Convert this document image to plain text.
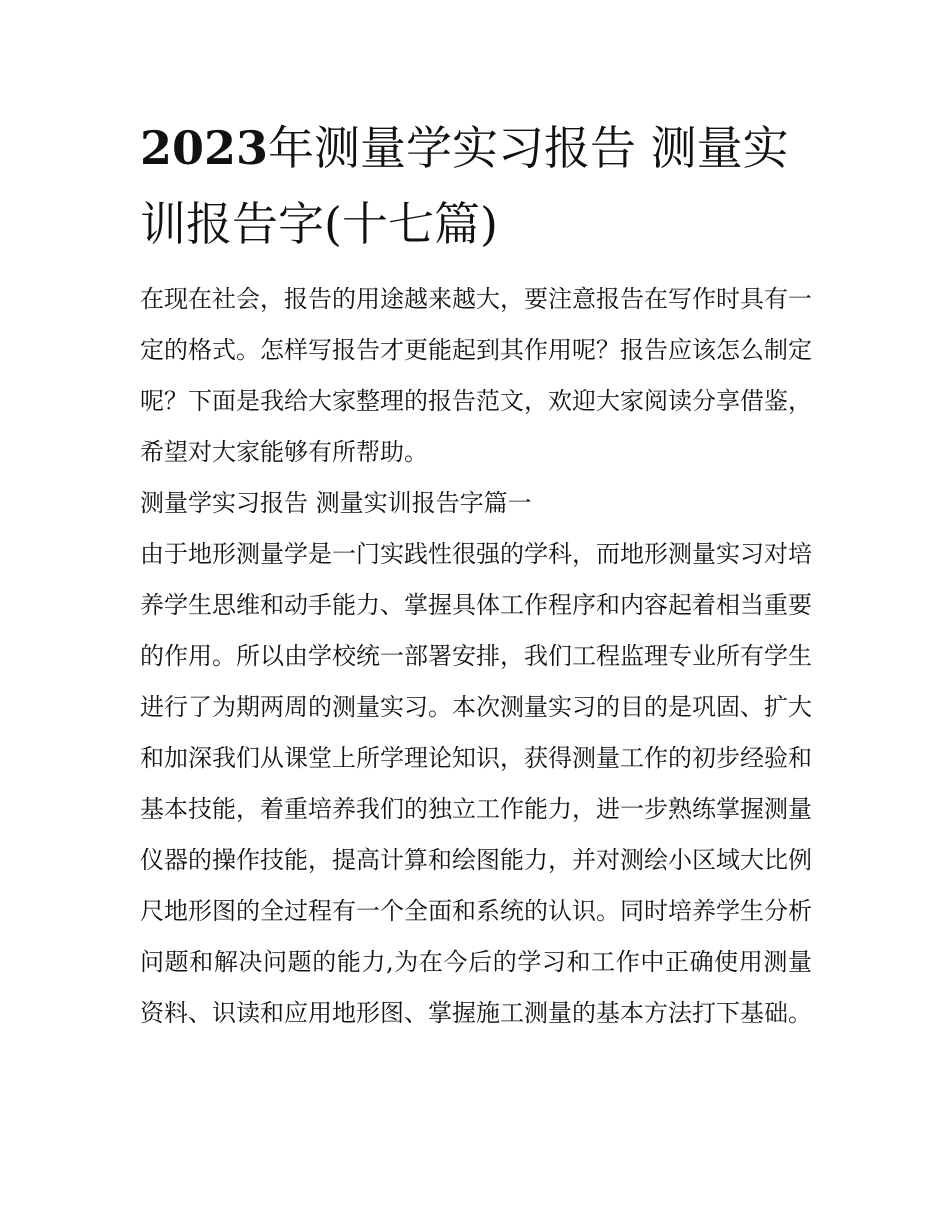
2023年测量学实习报告 测量实训报告字(十七篇)

在现在社会，报告的用途越来越大，要注意报告在写作时具有一定的格式。怎样写报告才更能起到其作用呢？报告应该怎么制定呢？下面是我给大家整理的报告范文，欢迎大家阅读分享借鉴，希望对大家能够有所帮助。

测量学实习报告 测量实训报告字篇一

由于地形测量学是一门实践性很强的学科，而地形测量实习对培养学生思维和动手能力、掌握具体工作程序和内容起着相当重要的作用。所以由学校统一部署安排，我们工程监理专业所有学生进行了为期两周的测量实习。本次测量实习的目的是巩固、扩大和加深我们从课堂上所学理论知识，获得测量工作的初步经验和基本技能，着重培养我们的独立工作能力，进一步熟练掌握测量仪器的操作技能，提高计算和绘图能力，并对测绘小区域大比例尺地形图的全过程有一个全面和系统的认识。同时培养学生分析问题和解决问题的能力,为在今后的学习和工作中正确使用测量资料、识读和应用地形图、掌握施工测量的基本方法打下基础。
